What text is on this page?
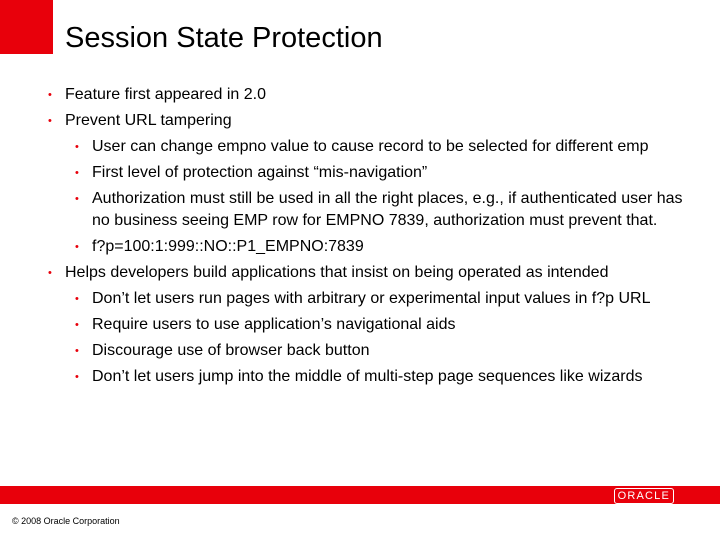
Session State Protection
• Feature first appeared in 2.0
• Prevent URL tampering
• User can change empno value to cause record to be selected for different emp
• First level of protection against “mis-navigation”
• Authorization must still be used in all the right places, e.g., if authenticated user has no business seeing EMP row for EMPNO 7839, authorization must prevent that.
• f?p=100:1:999::NO::P1_EMPNO:7839
• Helps developers build applications that insist on being operated as intended
• Don’t let users run pages with arbitrary or experimental input values in f?p URL
• Require users to use application’s navigational aids
• Discourage use of browser back button
• Don’t let users jump into the middle of multi-step page sequences like wizards
ORACLE
© 2008 Oracle Corporation
